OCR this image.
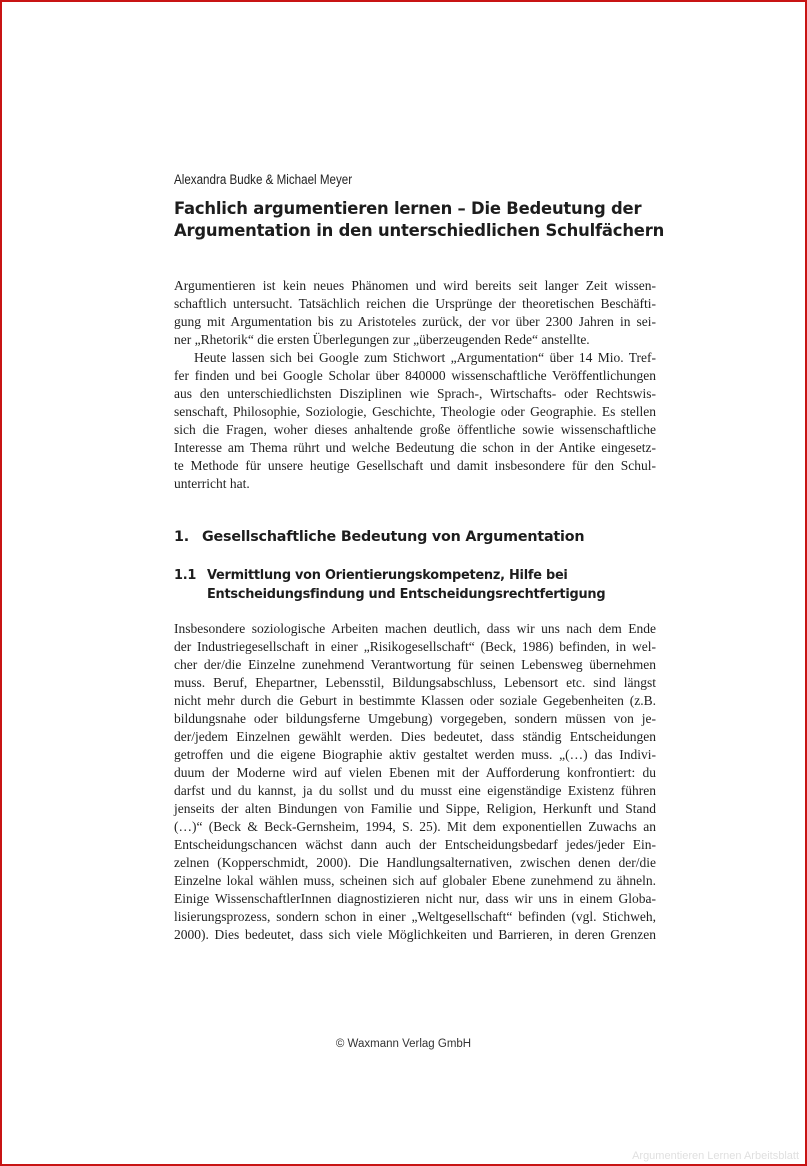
Alexandra Budke & Michael Meyer
Fachlich argumentieren lernen – Die Bedeutung der
Argumentation in den unterschiedlichen Schulfächern
Argumentieren ist kein neues Phänomen und wird bereits seit langer Zeit wissen-
schaftlich untersucht. Tatsächlich reichen die Ursprünge der theoretischen Beschäfti-
gung mit Argumentation bis zu Aristoteles zurück, der vor über 2300 Jahren in sei-
ner „Rhetorik“ die ersten Überlegungen zur „überzeugenden Rede“ anstellte.
Heute lassen sich bei Google zum Stichwort „Argumentation“ über 14 Mio. Tref-
fer finden und bei Google Scholar über 840000 wissenschaftliche Veröffentlichungen
aus den unterschiedlichsten Disziplinen wie Sprach-, Wirtschafts- oder Rechtswis-
senschaft, Philosophie, Soziologie, Geschichte, Theologie oder Geographie. Es stellen
sich die Fragen, woher dieses anhaltende große öffentliche sowie wissenschaftliche
Interesse am Thema rührt und welche Bedeutung die schon in der Antike eingesetz-
te Methode für unsere heutige Gesellschaft und damit insbesondere für den Schul-
unterricht hat.
1. Gesellschaftliche Bedeutung von Argumentation
1.1 Vermittlung von Orientierungskompetenz, Hilfe bei
Entscheidungsfindung und Entscheidungsrechtfertigung
Insbesondere soziologische Arbeiten machen deutlich, dass wir uns nach dem Ende
der Industriegesellschaft in einer „Risikogesellschaft“ (Beck, 1986) befinden, in wel-
cher der/die Einzelne zunehmend Verantwortung für seinen Lebensweg übernehmen
muss. Beruf, Ehepartner, Lebensstil, Bildungsabschluss, Lebensort etc. sind längst
nicht mehr durch die Geburt in bestimmte Klassen oder soziale Gegebenheiten (z.B.
bildungsnahe oder bildungsferne Umgebung) vorgegeben, sondern müssen von je-
der/jedem Einzelnen gewählt werden. Dies bedeutet, dass ständig Entscheidungen
getroffen und die eigene Biographie aktiv gestaltet werden muss. „(…) das Indivi-
duum der Moderne wird auf vielen Ebenen mit der Aufforderung konfrontiert: du
darfst und du kannst, ja du sollst und du musst eine eigenständige Existenz führen
jenseits der alten Bindungen von Familie und Sippe, Religion, Herkunft und Stand
(…)“ (Beck & Beck-Gernsheim, 1994, S. 25). Mit dem exponentiellen Zuwachs an
Entscheidungschancen wächst dann auch der Entscheidungsbedarf jedes/jeder Ein-
zelnen (Kopperschmidt, 2000). Die Handlungsalternativen, zwischen denen der/die
Einzelne lokal wählen muss, scheinen sich auf globaler Ebene zunehmend zu ähneln.
Einige WissenschaftlerInnen diagnostizieren nicht nur, dass wir uns in einem Globa-
lisierungsprozess, sondern schon in einer „Weltgesellschaft“ befinden (vgl. Stichweh,
2000). Dies bedeutet, dass sich viele Möglichkeiten und Barrieren, in deren Grenzen
© Waxmann Verlag GmbH
Argumentieren Lernen Arbeitsblatt
